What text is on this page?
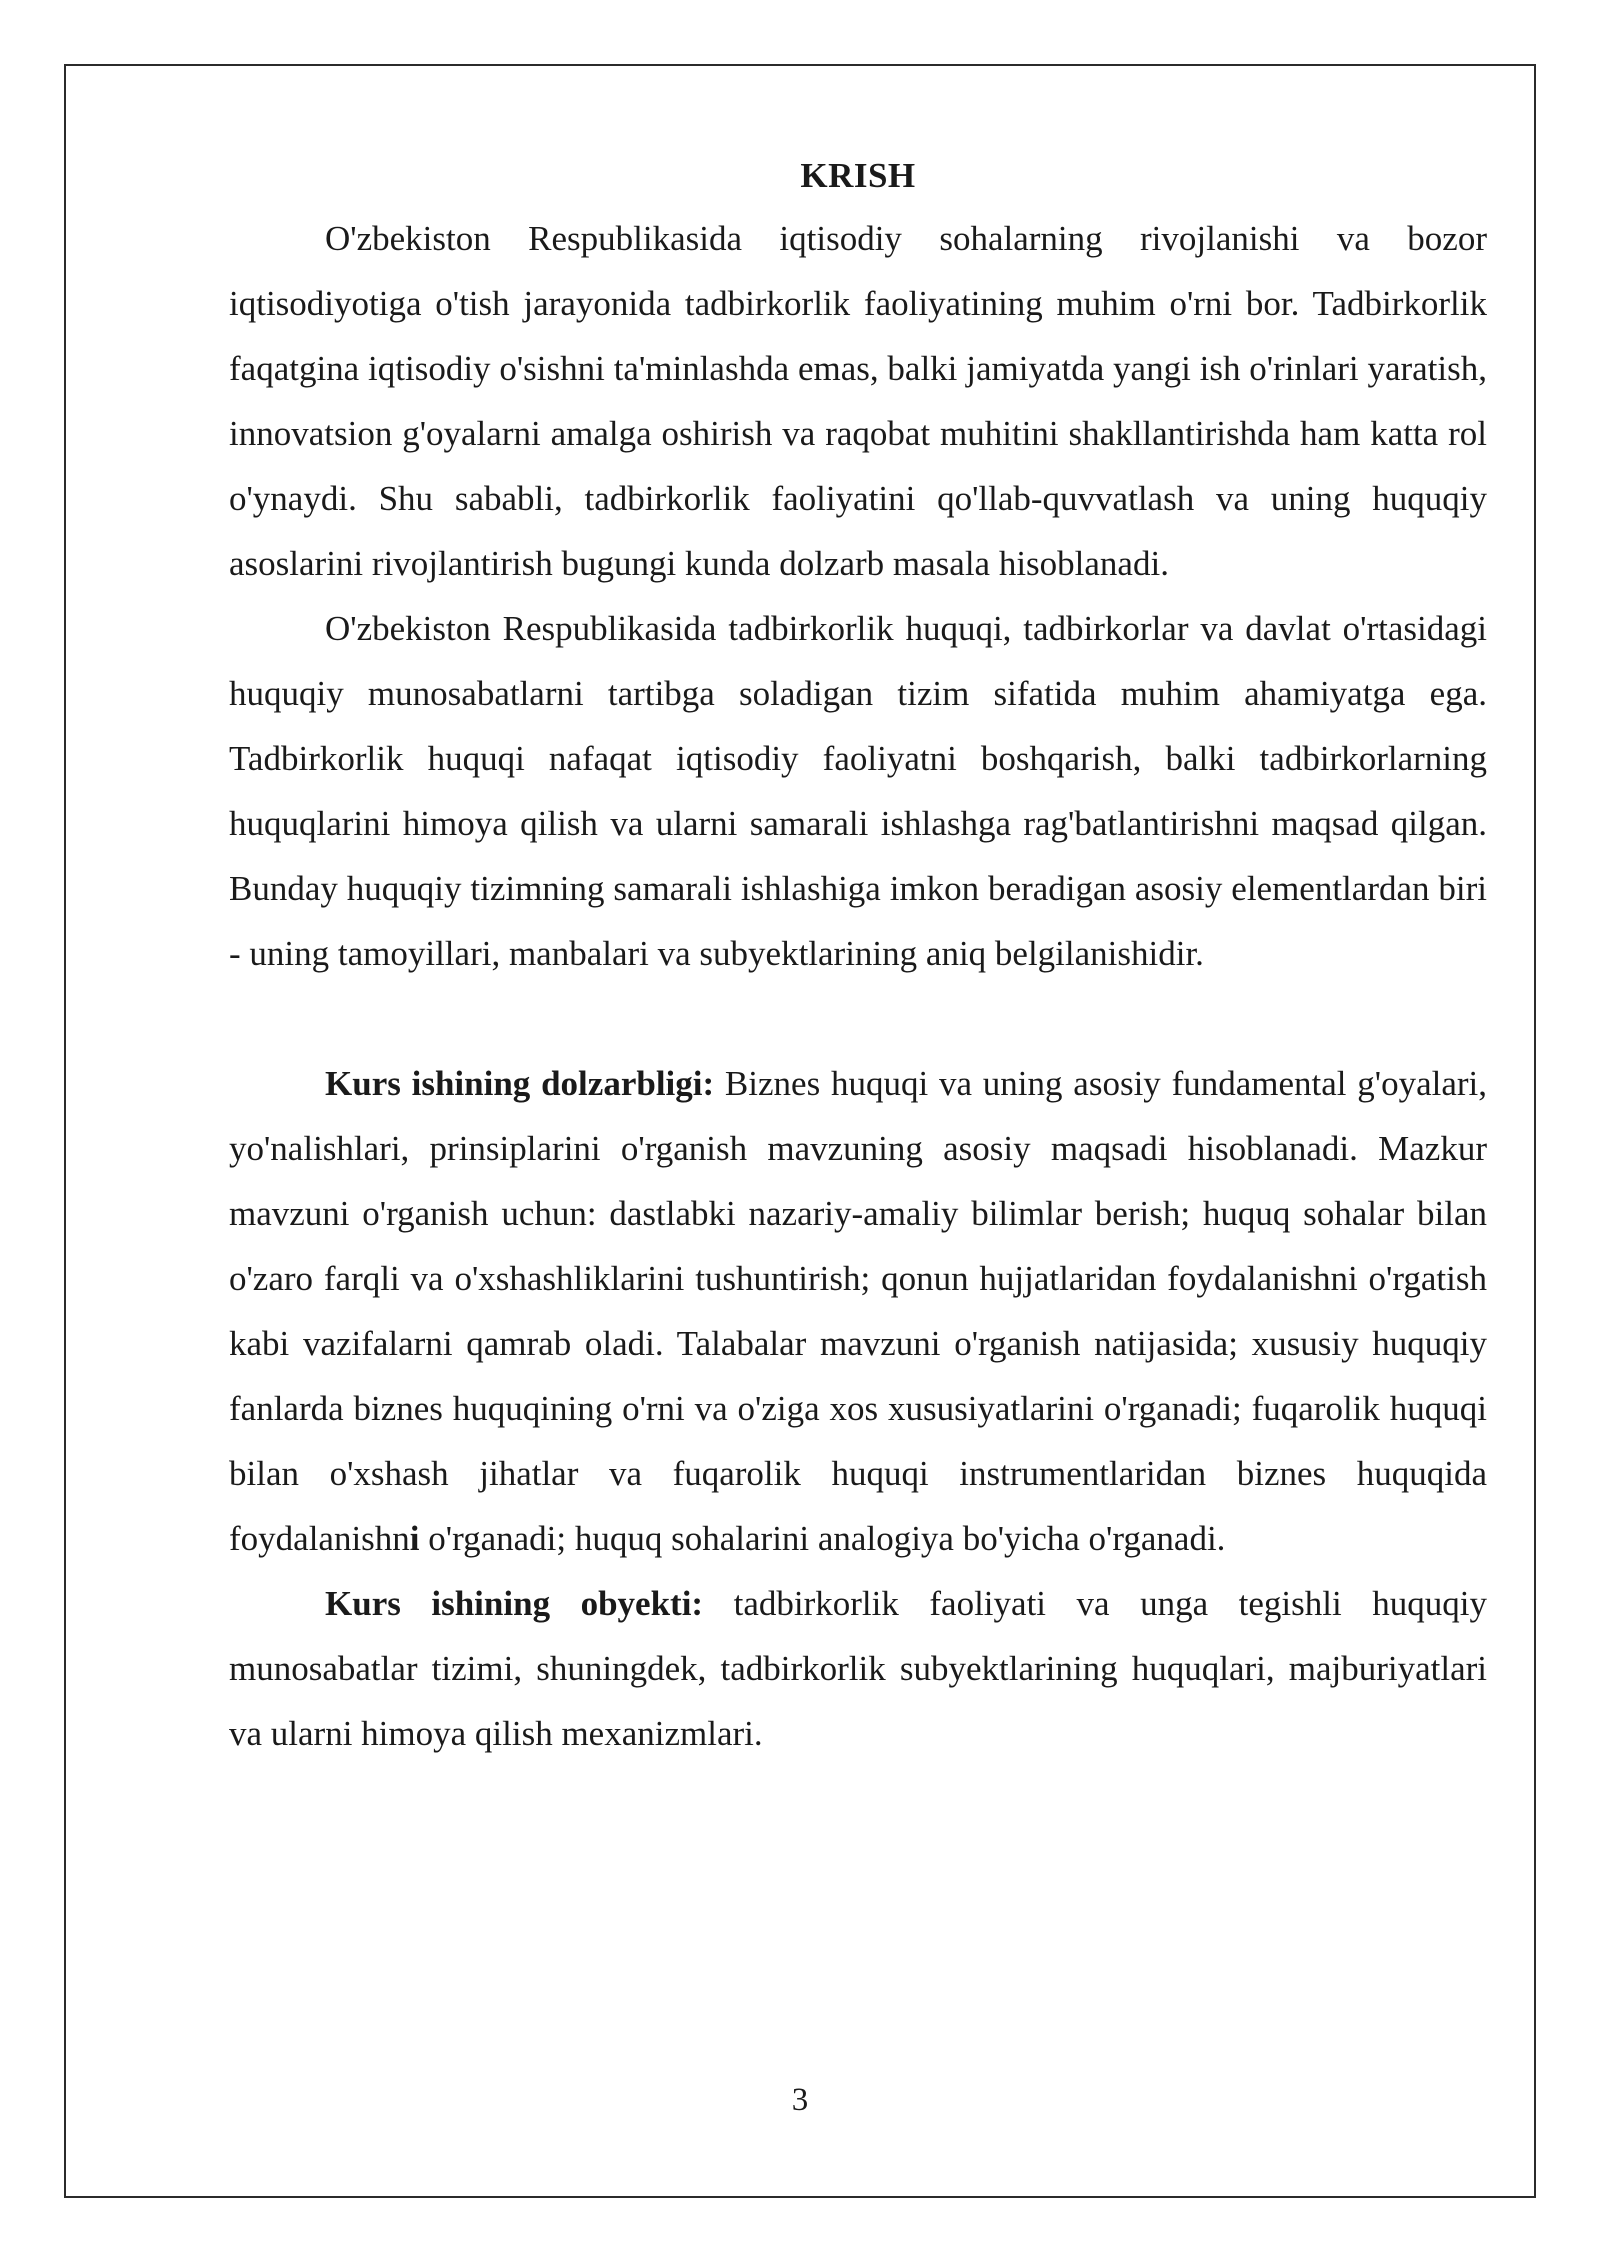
KRISH

O'zbekiston Respublikasida iqtisodiy sohalarning rivojlanishi va bozor iqtisodiyotiga o'tish jarayonida tadbirkorlik faoliyatining muhim o'rni bor. Tadbirkorlik faqatgina iqtisodiy o'sishni ta'minlashda emas, balki jamiyatda yangi ish o'rinlari yaratish, innovatsion g'oyalarni amalga oshirish va raqobat muhitini shakllantirishda ham katta rol o'ynaydi. Shu sababli, tadbirkorlik faoliyatini qo'llab-quvvatlash va uning huquqiy asoslarini rivojlantirish bugungi kunda dolzarb masala hisoblanadi.

O'zbekiston Respublikasida tadbirkorlik huquqi, tadbirkorlar va davlat o'rtasidagi huquqiy munosabatlarni tartibga soladigan tizim sifatida muhim ahamiyatga ega. Tadbirkorlik huquqi nafaqat iqtisodiy faoliyatni boshqarish, balki tadbirkorlarning huquqlarini himoya qilish va ularni samarali ishlashga rag'batlantirishni maqsad qilgan. Bunday huquqiy tizimning samarali ishlashiga imkon beradigan asosiy elementlardan biri - uning tamoyillari, manbalari va subyektlarining aniq belgilanishidir.

Kurs ishining dolzarbligi: Biznes huquqi va uning asosiy fundamental g'oyalari, yo'nalishlari, prinsiplarini o'rganish mavzuning asosiy maqsadi hisoblanadi. Mazkur mavzuni o'rganish uchun: dastlabki nazariy-amaliy bilimlar berish; huquq sohalar bilan o'zaro farqli va o'xshashliklarini tushuntirish; qonun hujjatlaridan foydalanishni o'rgatish kabi vazifalarni qamrab oladi. Talabalar mavzuni o'rganish natijasida; xususiy huquqiy fanlarda biznes huquqining o'rni va o'ziga xos xususiyatlarini o'rganadi; fuqarolik huquqi bilan o'xshash jihatlar va fuqarolik huquqi instrumentlaridan biznes huquqida foydalanishni o'rganadi; huquq sohalarini analogiya bo'yicha o'rganadi.

Kurs ishining obyekti: tadbirkorlik faoliyati va unga tegishli huquqiy munosabatlar tizimi, shuningdek, tadbirkorlik subyektlarining huquqlari, majburiyatlari va ularni himoya qilish mexanizmlari.

3
